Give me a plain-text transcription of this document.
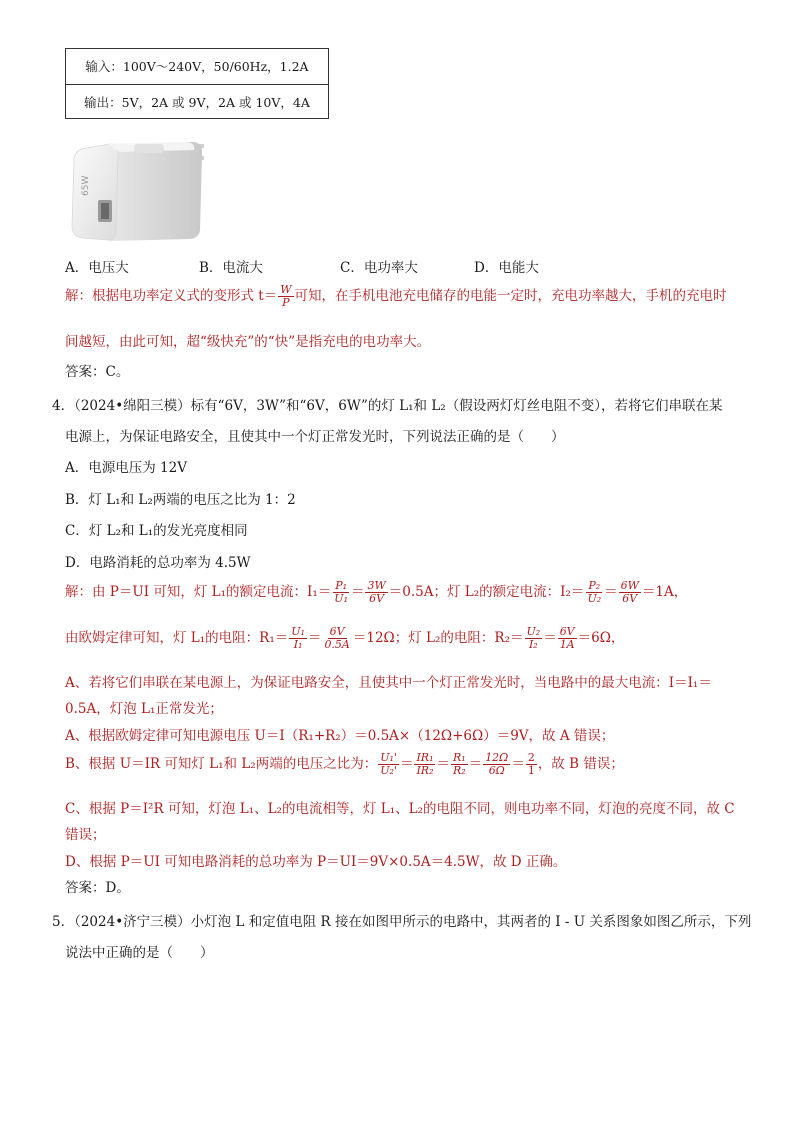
输入：100V～240V，50/60Hz，1.2A
输出：5V，2A 或 9V，2A 或 10V，4A
65W
A．电压大	B．电流大	C．电功率大	D．电能大
解：根据电功率定义式的变形式 $t= \frac{W}{P}$ 可知，在手机电池充电储存的电能一定时，充电功率越大，手机的充电时
间越短，由此可知，超“级快充”的“快”是指充电的电功率大。
答案：C。
4．（2024•绵阳三模）标有“6V，3W”和“6V，6W”的灯 L₁和 L₂（假设两灯灯丝电阻不变），若将它们串联在某
电源上，为保证电路安全，且使其中一个灯正常发光时，下列说法正确的是（　　）
A．电源电压为 12V
B．灯 L₁和 L₂两端的电压之比为 1：2
C．灯 L₂和 L₁的发光亮度相同
D．电路消耗的总功率为 4.5W
解：由 P＝UI 可知，灯 L₁的额定电流：$I_1= \frac{\text{P₁}}{\text{U₁}} = \frac{3W}{6V} =0.5A$；灯 L₂的额定电流：$I_2= \frac{\text{P₂}}{\text{U₂}} = \frac{6W}{6V} =1A$，
由欧姆定律可知，灯 L₁的电阻：$R_1= \frac{\text{U₁}}{\text{I₁}} = \frac{6V}{0.5A} =12\Omega$；灯 L₂的电阻：$R_2= \frac{\text{U₂}}{\text{I₂}} = \frac{6V}{1A} =6\Omega$，
A、若将它们串联在某电源上，为保证电路安全，且使其中一个灯正常发光时，当电路中的最大电流：I＝I₁＝
0.5A，灯泡 L₁正常发光；
A、根据欧姆定律可知电源电压 U＝I（R₁+R₂）＝0.5A×（12Ω+6Ω）＝9V，故 A 错误；
B、根据 U＝IR 可知灯 L₁和 L₂两端的电压之比为： $\frac{\text{U₁'}}{\text{U₂'}} = \frac{\text{IR₁}}{\text{IR₂}} = \frac{\text{R₁}}{\text{R₂}} = \frac{12\Omega}{6\Omega} = \frac{2}{1}$ ，故 B 错误；
C、根据 P＝I²R 可知，灯泡 L₁、L₂的电流相等，灯 L₁、L₂的电阻不同，则电功率不同，灯泡的亮度不同，故 C
错误；
D、根据 P＝UI 可知电路消耗的总功率为 P＝UI＝9V×0.5A＝4.5W，故 D 正确。
答案：D。
5．（2024•济宁三模）小灯泡 L 和定值电阻 R 接在如图甲所示的电路中，其两者的 I - U 关系图象如图乙所示，下列
说法中正确的是（　　）
